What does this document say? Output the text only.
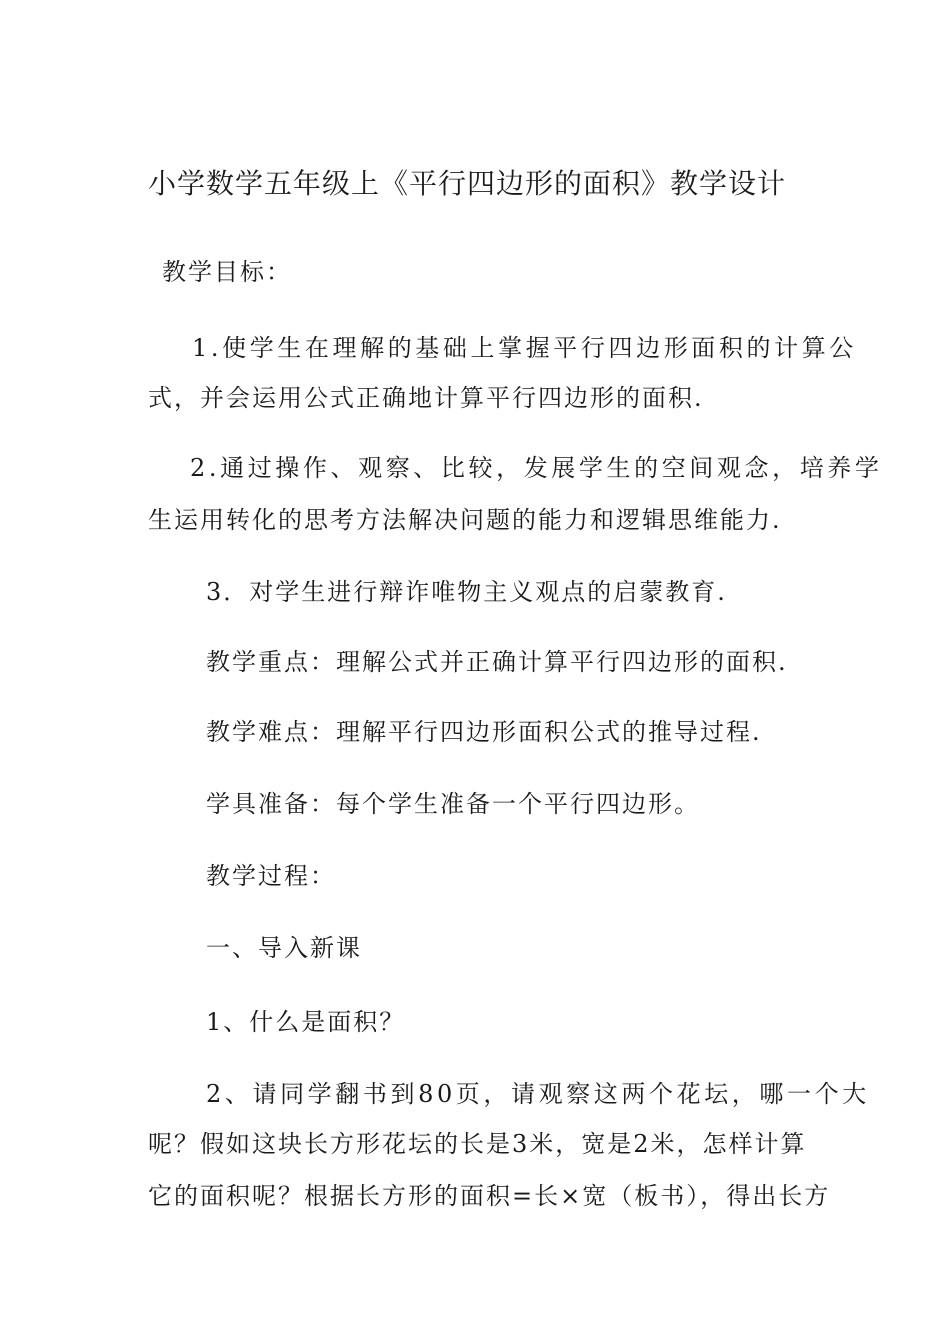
小学数学五年级上《平行四边形的面积》教学设计
教学目标：
1.使学生在理解的基础上掌握平行四边形面积的计算公
式，并会运用公式正确地计算平行四边形的面积.
2.通过操作、观察、比较，发展学生的空间观念，培养学
生运用转化的思考方法解决问题的能力和逻辑思维能力.
3．对学生进行辩诈唯物主义观点的启蒙教育.
教学重点：理解公式并正确计算平行四边形的面积.
教学难点：理解平行四边形面积公式的推导过程.
学具准备：每个学生准备一个平行四边形。
教学过程：
一、导入新课
1、什么是面积？
2、请同学翻书到80页，请观察这两个花坛，哪一个大
呢？假如这块长方形花坛的长是3米，宽是2米，怎样计算
它的面积呢？根据长方形的面积=长×宽（板书），得出长方
